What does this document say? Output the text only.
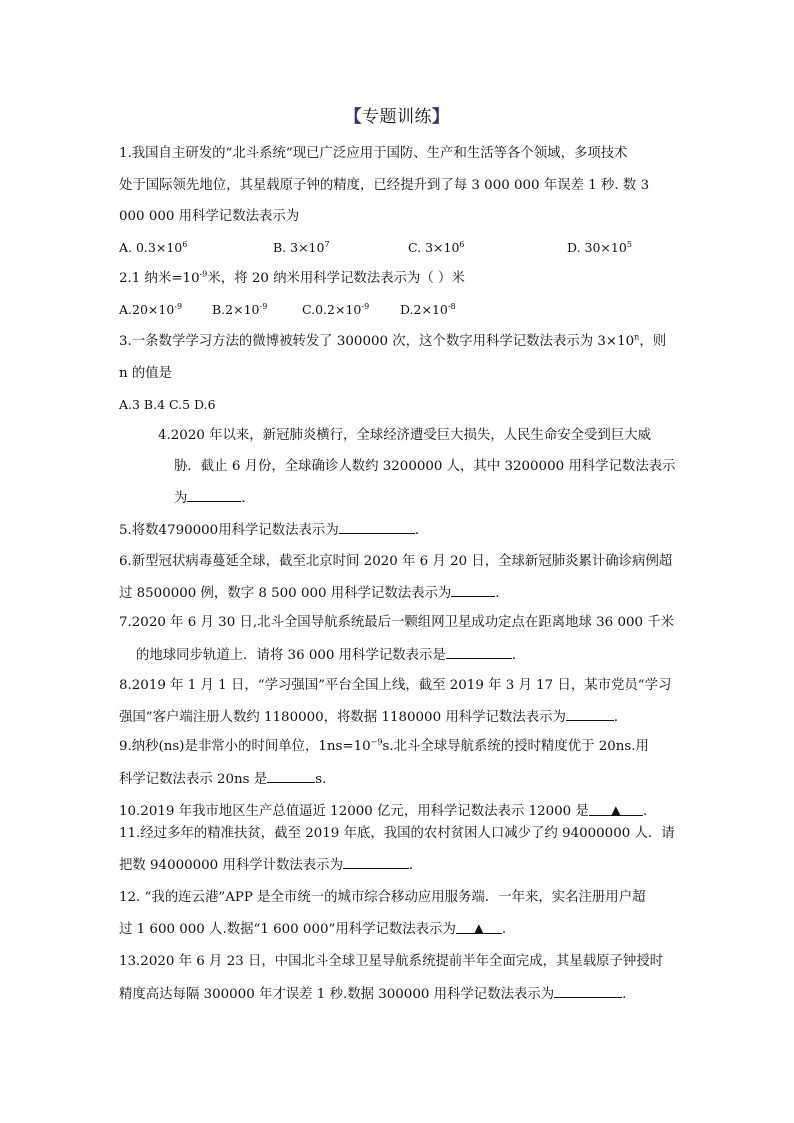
【专题训练】
1.我国自主研发的“北斗系统”现已广泛应用于国防、生产和生活等各个领域，多项技术
处于国际领先地位，其星载原子钟的精度，已经提升到了每 3 000 000 年误差 1 秒. 数 3
000 000 用科学记数法表示为
A. $0.3\times 10^6$	B. $3\times 10^7$	C. $3\times 10^6$	D. $30\times 10^5$
2.1 纳米$=10^{-9}$米，将 20 纳米用科学记数法表示为（ ）米
$A.20\times 10^{-9}$ $B.2\times 10^{-9}$	$C.0.2\times 10^{-9}$ $D.2\times 10^{-8}$
3.一条数学学习方法的微博被转发了 300000 次，这个数字用科学记数法表示为 $3\times 10^n$，则
n 的值是
A.3 B.4 C.5 D.6
4.2020 年以来，新冠肺炎横行，全球经济遭受巨大损失，人民生命安全受到巨大威
胁．截止 6 月份，全球确诊人数约 3200000 人，其中 3200000 用科学记数法表示
为	．
5.将数4790000用科学记数法表示为	.
6.新型冠状病毒蔓延全球，截至北京时间 2020 年 6 月 20 日，全球新冠肺炎累计确诊病例超
过 8500000 例，数字 8 500 000 用科学记数法表示为	.
7.2020 年 6 月 30 日,北斗全国导航系统最后一颗组网卫星成功定点在距离地球 36 000 千米
的地球同步轨道上．请将 36 000 用科学记数表示是	．
8.2019 年 1 月 1 日，“学习强国”平台全国上线，截至 2019 年 3 月 17 日，某市党员“学习
强国”客户端注册人数约 1180000，将数据 1180000 用科学记数法表示为	．
9.纳秒(ns)是非常小的时间单位，$1ns=10^{-9}s$.北斗全球导航系统的授时精度优于 20ns.用
科学记数法表示 20ns 是	s.
10.2019 年我市地区生产总值逼近 12000 亿元，用科学记数法表示 12000 是 ▲ .
11.经过多年的精准扶贫，截至 2019 年底，我国的农村贫困人口减少了约 94000000 人．请
把数 94000000 用科学计数法表示为	．
12. “我的连云港”APP 是全市统一的城市综合移动应用服务端．一年来，实名注册用户超
过 1 600 000 人.数据“1 600 000”用科学记数法表示为 ▲ .
13.2020 年 6 月 23 日，中国北斗全球卫星导航系统提前半年全面完成，其星载原子钟授时
精度高达每隔 300000 年才误差 1 秒.数据 300000 用科学记数法表示为	.
